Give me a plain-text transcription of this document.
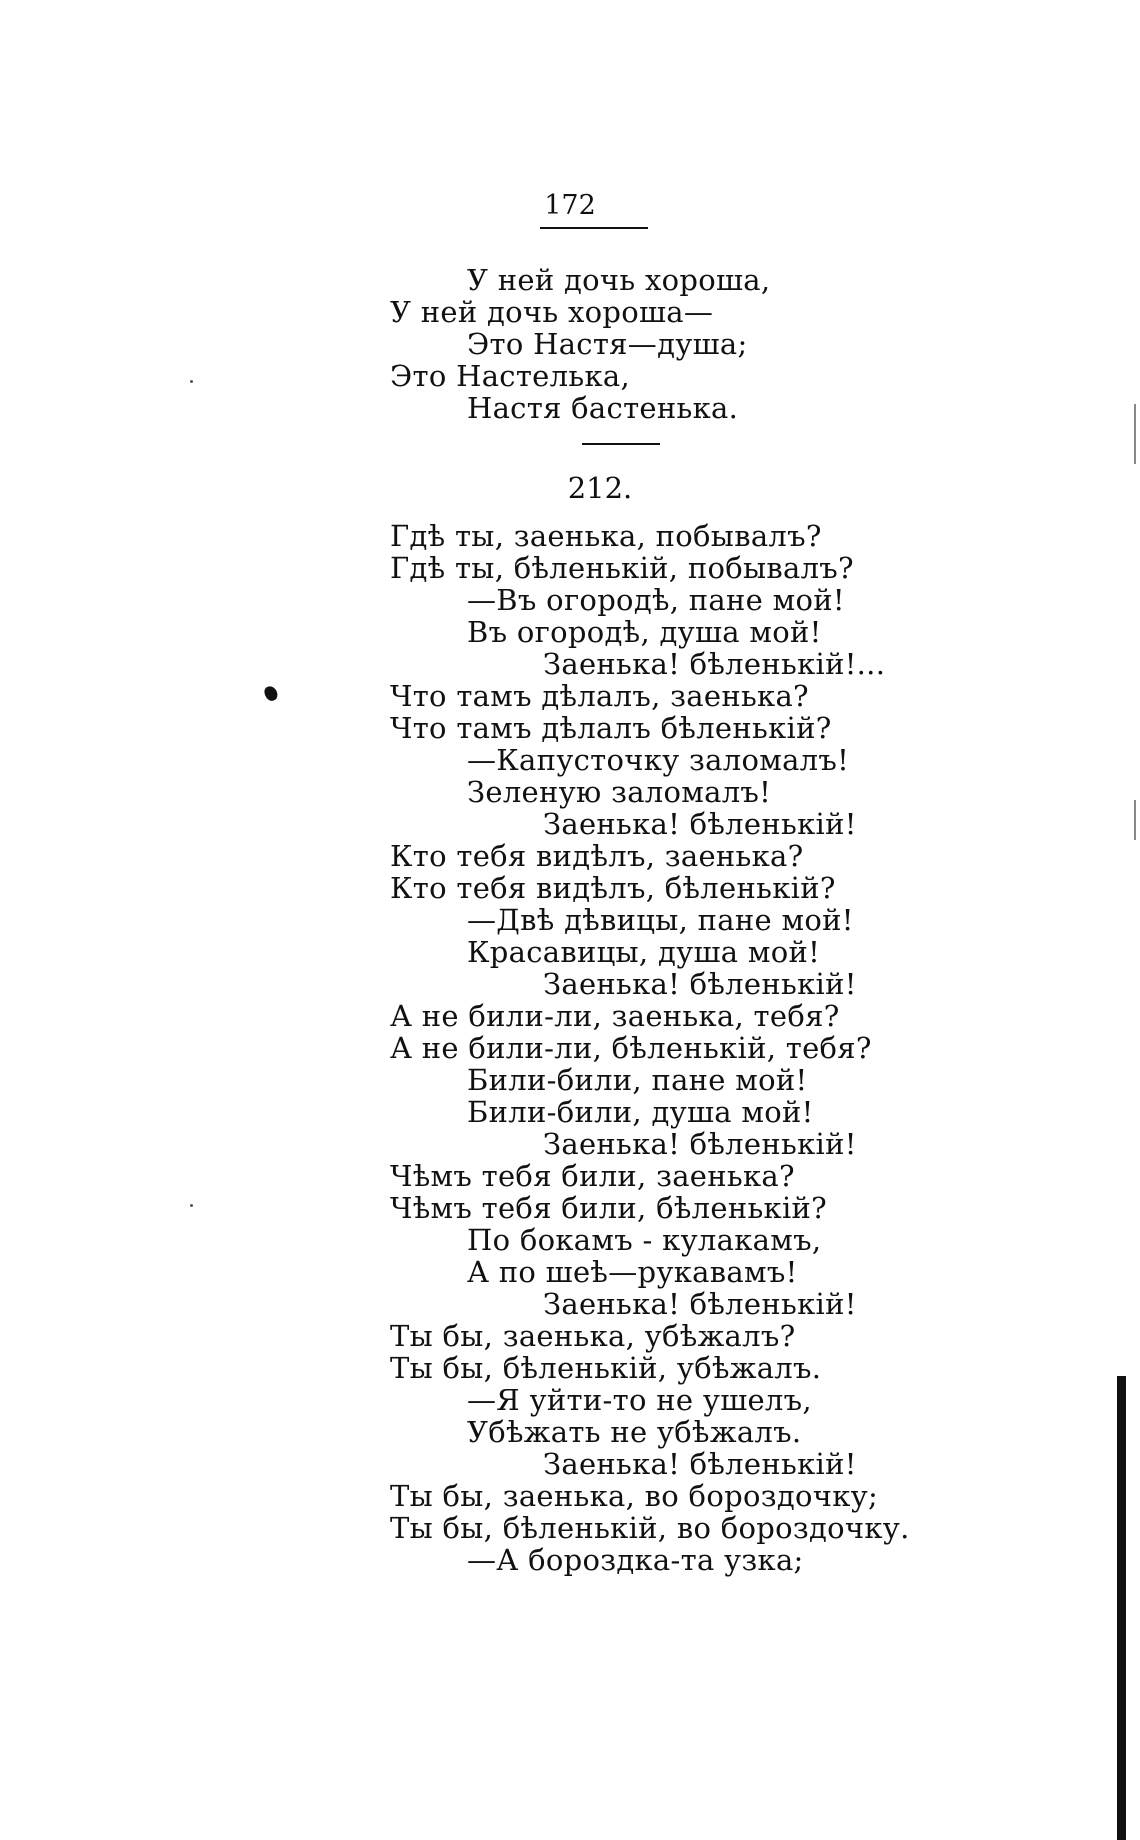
172
У ней дочь хороша,
У ней дочь хороша—
Это Настя—душа;
Это Настелька,
Настя бастенька.
212.
Гдѣ ты, заенька, побывалъ?
Гдѣ ты, бѣленькій, побывалъ?
—Въ огородѣ, пане мой!
Въ огородѣ, душа мой!
Заенька! бѣленькій!...
Что тамъ дѣлалъ, заенька?
Что тамъ дѣлалъ бѣленькій?
—Капусточку заломалъ!
Зеленую заломалъ!
Заенька! бѣленькій!
Кто тебя видѣлъ, заенька?
Кто тебя видѣлъ, бѣленькій?
—Двѣ дѣвицы, пане мой!
Красавицы, душа мой!
Заенька! бѣленькій!
А не били-ли, заенька, тебя?
А не били-ли, бѣленькій, тебя?
Били-били, пане мой!
Били-били, душа мой!
Заенька! бѣленькій!
Чѣмъ тебя били, заенька?
Чѣмъ тебя били, бѣленькій?
По бокамъ - кулакамъ,
А по шеѣ—рукавамъ!
Заенька! бѣленькій!
Ты бы, заенька, убѣжалъ?
Ты бы, бѣленькій, убѣжалъ.
—Я уйти-то не ушелъ,
Убѣжать не убѣжалъ.
Заенька! бѣленькій!
Ты бы, заенька, во бороздочку;
Ты бы, бѣленькій, во бороздочку.
—А бороздка-та узка;
